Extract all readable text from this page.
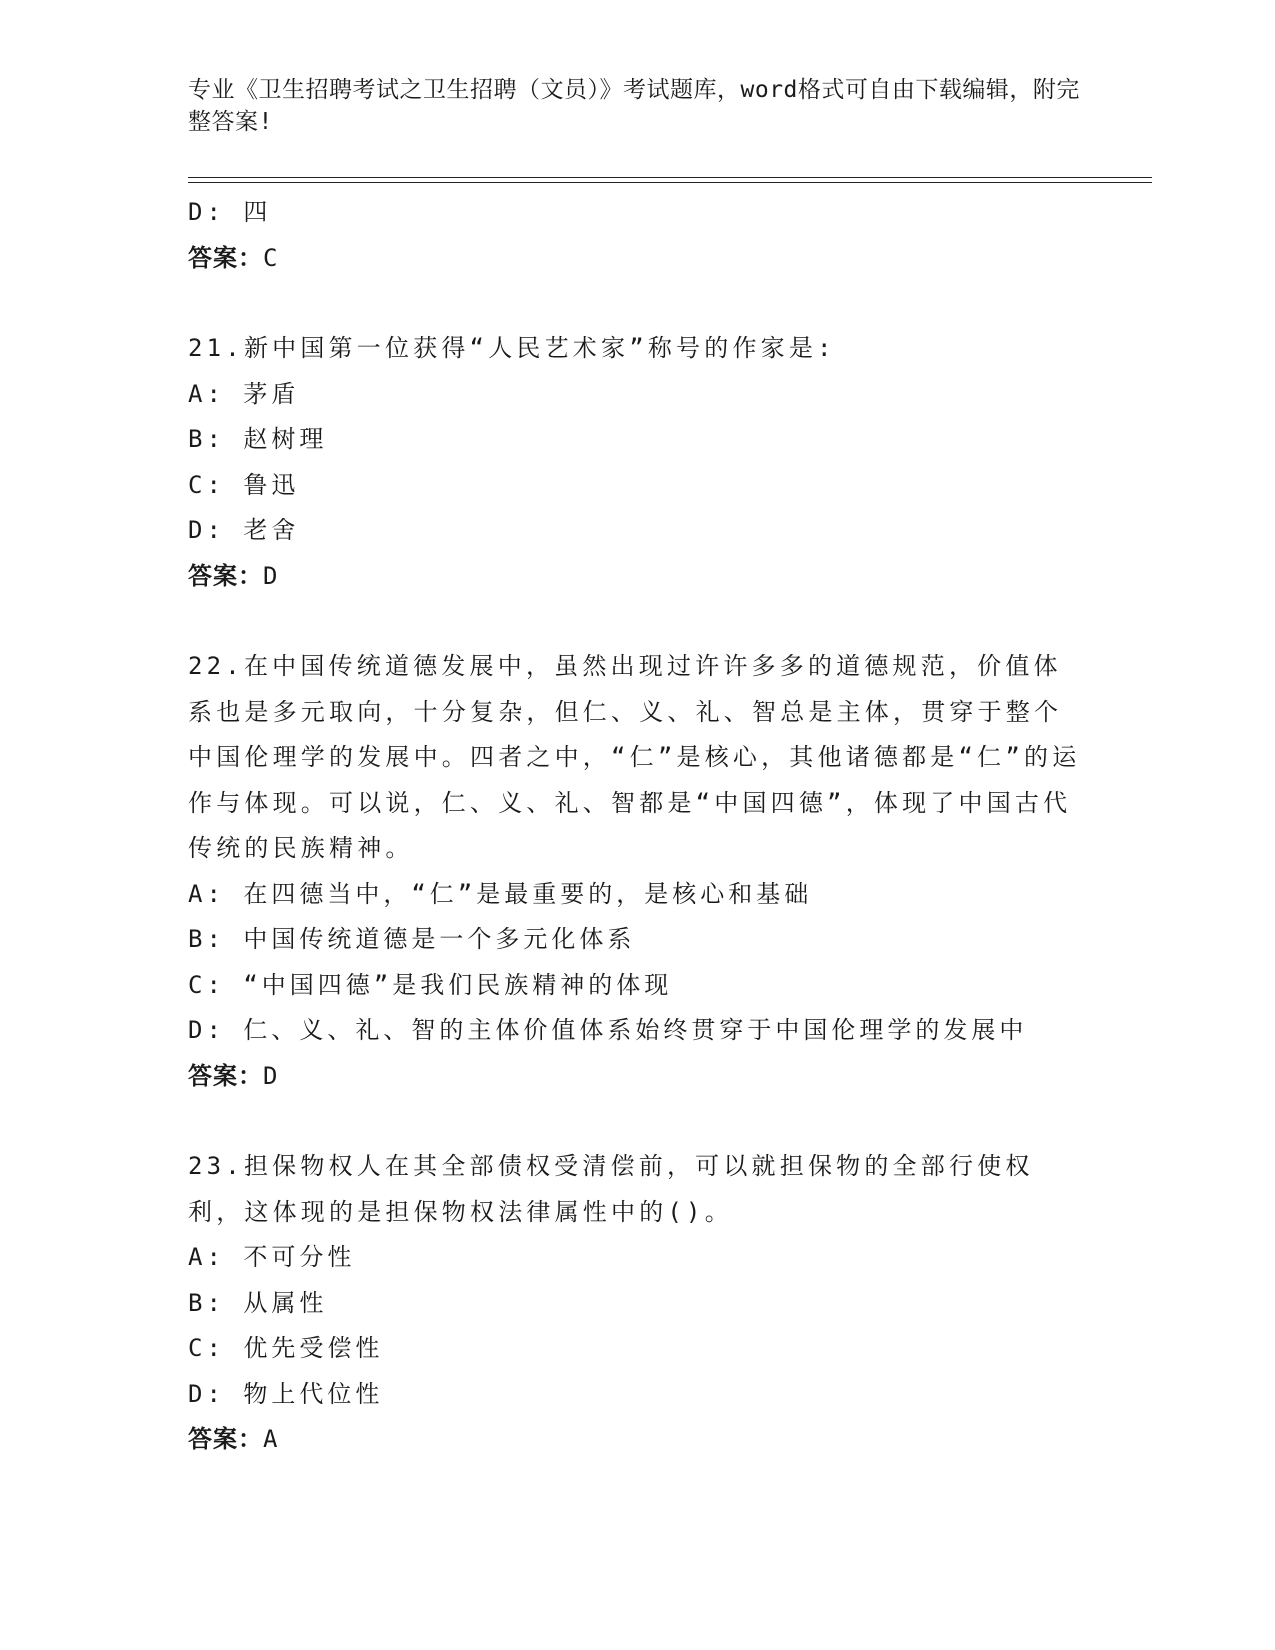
专业《卫生招聘考试之卫生招聘（文员）》考试题库，word格式可自由下载编辑，附完整答案!
D: 四
答案：C
21.新中国第一位获得“人民艺术家”称号的作家是:
A: 茅盾
B: 赵树理
C: 鲁迅
D: 老舍
答案：D
22.在中国传统道德发展中，虽然出现过许许多多的道德规范，价值体系也是多元取向，十分复杂，但仁、义、礼、智总是主体，贯穿于整个中国伦理学的发展中。四者之中，“仁”是核心，其他诸德都是“仁”的运作与体现。可以说，仁、义、礼、智都是“中国四德”，体现了中国古代传统的民族精神。
A: 在四德当中，“仁”是最重要的，是核心和基础
B: 中国传统道德是一个多元化体系
C: “中国四德”是我们民族精神的体现
D: 仁、义、礼、智的主体价值体系始终贯穿于中国伦理学的发展中
答案：D
23.担保物权人在其全部债权受清偿前，可以就担保物的全部行使权利，这体现的是担保物权法律属性中的()。
A: 不可分性
B: 从属性
C: 优先受偿性
D: 物上代位性
答案：A
